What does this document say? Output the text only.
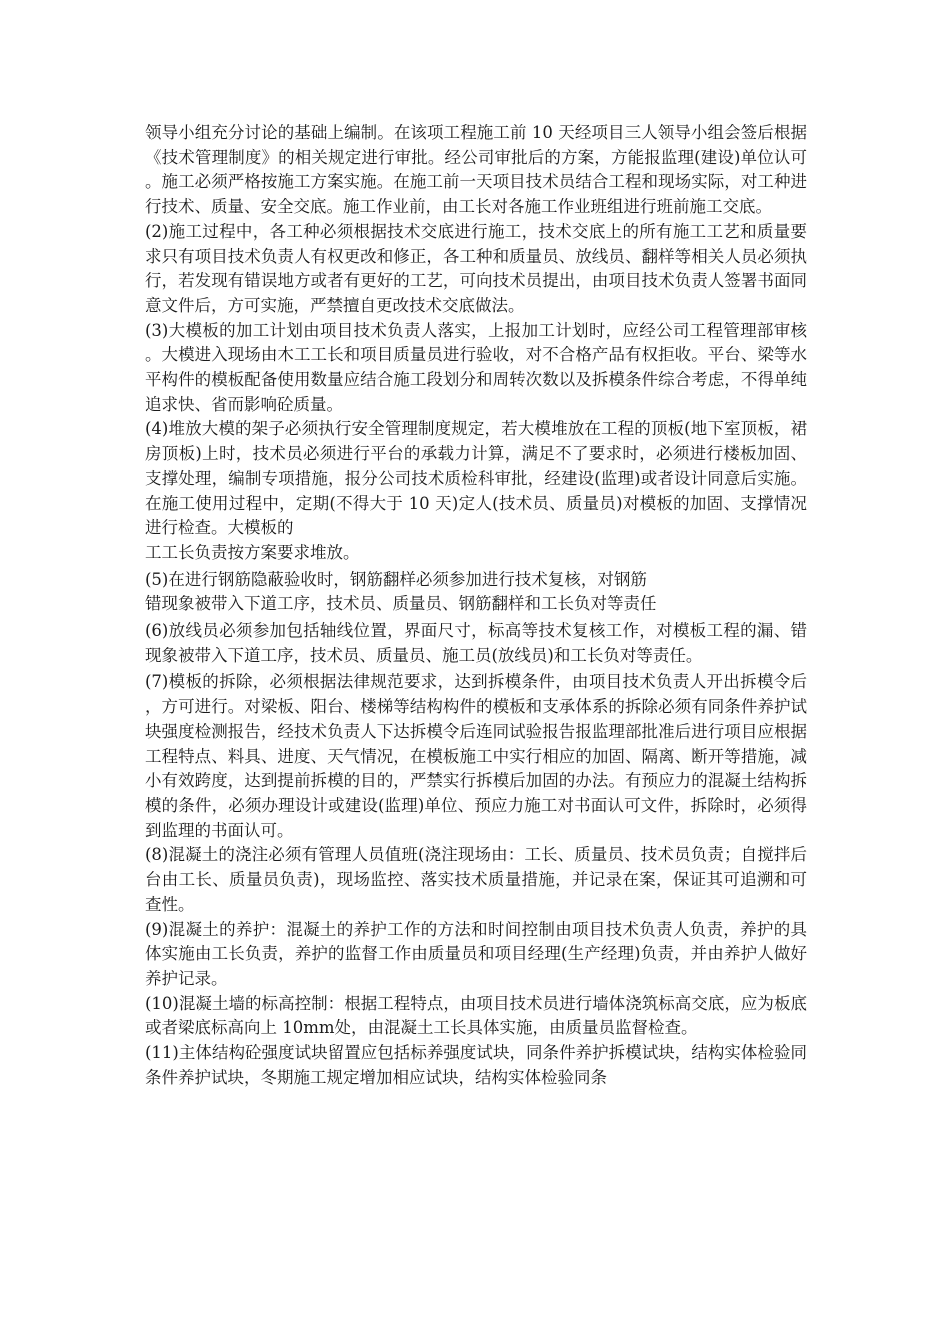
领导小组充分讨论的基础上编制。在该项工程施工前 10 天经项目三人领导小组会签后根据《技术管理制度》的相关规定进行审批。经公司审批后的方案，方能报监理(建设)单位认可。施工必须严格按施工方案实施。在施工前一天项目技术员结合工程和现场实际，对工种进行技术、质量、安全交底。施工作业前，由工长对各施工作业班组进行班前施工交底。

(2)施工过程中，各工种必须根据技术交底进行施工，技术交底上的所有施工工艺和质量要求只有项目技术负责人有权更改和修正，各工种和质量员、放线员、翻样等相关人员必须执行，若发现有错误地方或者有更好的工艺，可向技术员提出，由项目技术负责人签署书面同意文件后，方可实施，严禁擅自更改技术交底做法。

(3)大模板的加工计划由项目技术负责人落实，上报加工计划时，应经公司工程管理部审核。大模进入现场由木工工长和项目质量员进行验收，对不合格产品有权拒收。平台、梁等水平构件的模板配备使用数量应结合施工段划分和周转次数以及拆模条件综合考虑，不得单纯追求快、省而影响砼质量。

(4)堆放大模的架子必须执行安全管理制度规定，若大模堆放在工程的顶板(地下室顶板，裙房顶板)上时，技术员必须进行平台的承载力计算，满足不了要求时，必须进行楼板加固、支撑处理，编制专项措施，报分公司技术质检科审批，经建设(监理)或者设计同意后实施。在施工使用过程中，定期(不得大于 10 天)定人(技术员、质量员)对模板的加固、支撑情况进行检查。大模板的

工工长负责按方案要求堆放。

(5)在进行钢筋隐蔽验收时，钢筋翻样必须参加进行技术复核，对钢筋

错现象被带入下道工序，技术员、质量员、钢筋翻样和工长负对等责任

(6)放线员必须参加包括轴线位置，界面尺寸，标高等技术复核工作，对模板工程的漏、错现象被带入下道工序，技术员、质量员、施工员(放线员)和工长负对等责任。

(7)模板的拆除，必须根据法律规范要求，达到拆模条件，由项目技术负责人开出拆模令后，方可进行。对梁板、阳台、楼梯等结构构件的模板和支承体系的拆除必须有同条件养护试块强度检测报告，经技术负责人下达拆模令后连同试验报告报监理部批准后进行项目应根据工程特点、料具、进度、天气情况，在模板施工中实行相应的加固、隔离、断开等措施，减小有效跨度，达到提前拆模的目的，严禁实行拆模后加固的办法。有预应力的混凝土结构拆模的条件，必须办理设计或建设(监理)单位、预应力施工对书面认可文件，拆除时，必须得到监理的书面认可。

(8)混凝土的浇注必须有管理人员值班(浇注现场由：工长、质量员、技术员负责；自搅拌后台由工长、质量员负责)，现场监控、落实技术质量措施，并记录在案，保证其可追溯和可查性。

(9)混凝土的养护：混凝土的养护工作的方法和时间控制由项目技术负责人负责，养护的具体实施由工长负责，养护的监督工作由质量员和项目经理(生产经理)负责，并由养护人做好养护记录。

(10)混凝土墙的标高控制：根据工程特点，由项目技术员进行墙体浇筑标高交底，应为板底或者梁底标高向上 10mm处，由混凝土工长具体实施，由质量员监督检查。

(11)主体结构砼强度试块留置应包括标养强度试块，同条件养护拆模试块，结构实体检验同条件养护试块，冬期施工规定增加相应试块，结构实体检验同条
